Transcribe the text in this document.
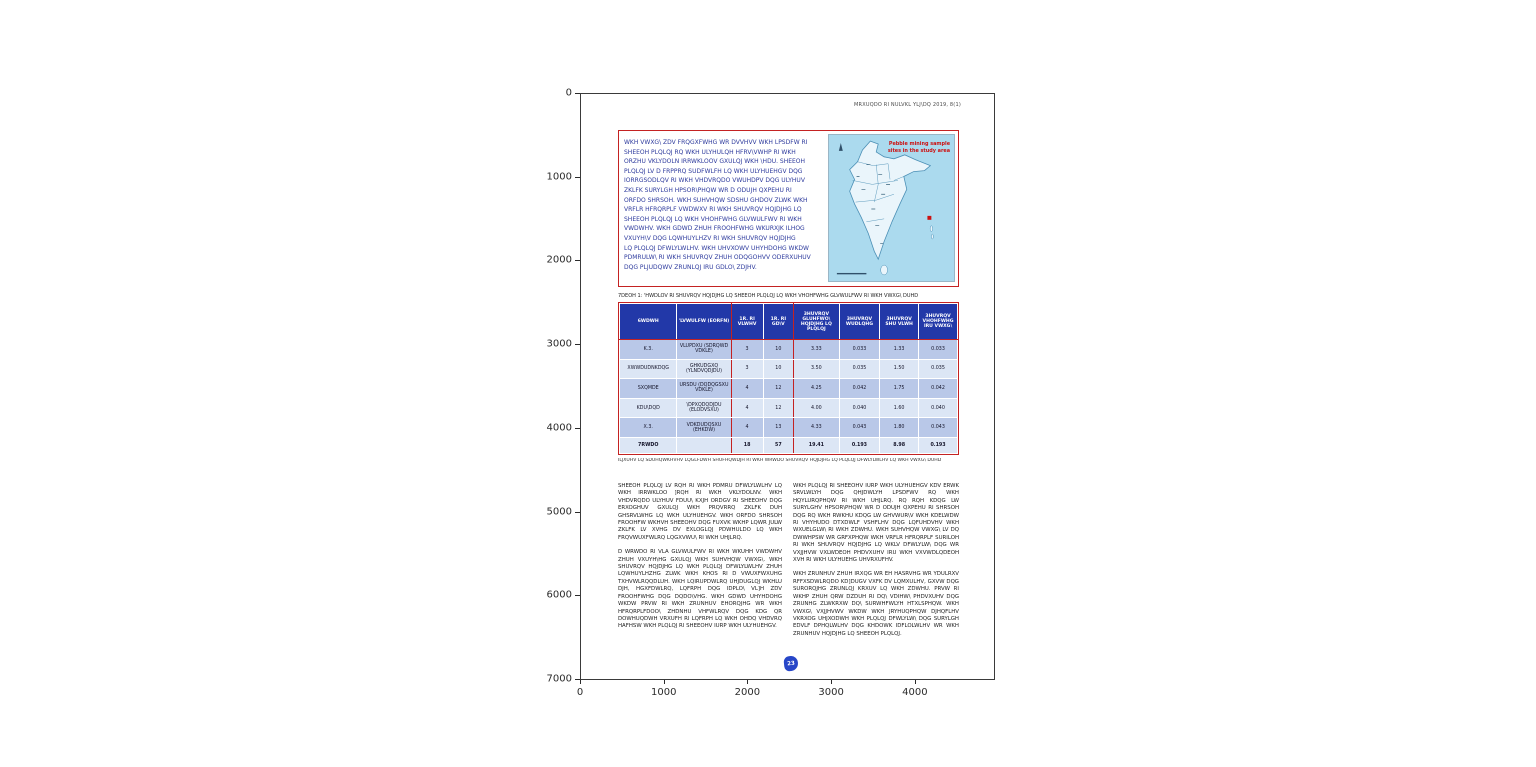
MRXUQDO RI NULVKL YLJ\DQ 2019, 8(1)
WKH VWXG\ ZDV FRQGXFWHG WR DVVHVV WKH LPSDFW RI
SHEEOH PLQLQJ RQ WKH ULYHULQH HFRV\VWHP RI WKH
ORZHU VKLYDOLN IRRWKLOOV GXULQJ WKH \HDU. SHEEOH
PLQLQJ LV D FRPPRQ SUDFWLFH LQ WKH ULYHUEHGV DQG
IORRGSODLQV RI WKH VHDVRQDO VWUHDPV DQG ULYHUV
ZKLFK SURYLGH HPSOR\PHQW WR D ODUJH QXPEHU RI
ORFDO SHRSOH. WKH SUHVHQW SDSHU GHDOV ZLWK WKH
VRFLR HFRQRPLF VWDWXV RI WKH SHUVRQV HQJDJHG LQ
SHEEOH PLQLQJ LQ WKH VHOHFWHG GLVWULFWV RI WKH
VWDWHV. WKH GDWD ZHUH FROOHFWHG WKURXJK ILHOG
VXUYH\V DQG LQWHUYLHZV RI WKH SHUVRQV HQJDJHG
LQ PLQLQJ DFWLYLWLHV. WKH UHVXOWV UHYHDOHG WKDW
PDMRULW\ RI WKH SHUVRQV ZHUH ODQGOHVV ODERXUHUV
DQG PLJUDQWV ZRUNLQJ IRU GDLO\ ZDJHV.
Pebble mining sample
sites in the study area
7DEOH 1: 'HWDLOV RI SHUVRQV HQJDJHG LQ SHEEOH PLQLQJ LQ WKH VHOHFWHG GLVWULFWV RI WKH VWXG\ DUHD
6WDWH	'LVWULFW (EORFN)	1R. RI VLWHV	1R. RI GD\V	3HUVRQV GLUHFWO\ HQJDJHG LQ PLQLQJ	3HUVRQV WUDLQHG	3HUVRQV SHU VLWH	3HUVRQV VHOHFWHG IRU VWXG\
K.3.	VLUPDXU (SDRQWD VDKLE)	3	10	3.33	0.033	1.33	0.033
XWWDUDNKDQG	GHKUDGXQ (YLNDVQDJDU)	3	10	3.50	0.035	1.50	0.035
SXQMDE	URSDU (DQDQGSXU VDKLE)	4	12	4.25	0.042	1.75	0.042
KDU\DQD	\DPXQDQDJDU (ELODVSXU)	4	12	4.00	0.040	1.60	0.040
X.3.	VDKDUDQSXU (EHKDW)	4	13	4.33	0.043	1.80	0.043
7RWDO		18	57	19.41	0.193	8.98	0.193
ILJXUHV LQ SDUHQWKHVHV LQGLFDWH SHUFHQWDJH RI WKH WRWDO SHUVRQV HQJDJHG LQ PLQLQJ DFWLYLWLHV LQ WKH VWXG\ DUHD
SHEEOH PLQLQJ LV RQH RI WKH PDMRU DFWLYLWLHV LQ WKH IRRWKLOO ]RQH RI WKH VKLYDOLNV. WKH VHDVRQDO ULYHUV FDUU\ KXJH ORDGV RI SHEEOHV DQG ERXOGHUV GXULQJ WKH PRQVRRQ ZKLFK DUH GHSRVLWHG LQ WKH ULYHUEHGV. WKH ORFDO SHRSOH FROOHFW WKHVH SHEEOHV DQG FUXVK WKHP LQWR JULW ZKLFK LV XVHG DV EXLOGLQJ PDWHULDO LQ WKH FRQVWUXFWLRQ LQGXVWU\ RI WKH UHJLRQ.
D WRWDO RI VLA GLVWULFWV RI WKH WKUHH VWDWHV ZHUH VXUYH\HG GXULQJ WKH SUHVHQW VWXG\. WKH SHUVRQV HQJDJHG LQ WKH PLQLQJ DFWLYLWLHV ZHUH LQWHUYLHZHG ZLWK WKH KHOS RI D VWUXFWXUHG TXHVWLRQQDLUH. WKH LQIRUPDWLRQ UHJDUGLQJ WKHLU DJH, HGXFDWLRQ, LQFRPH DQG IDPLO\ VL]H ZDV FROOHFWHG DQG DQDO\VHG. WKH GDWD UHYHDOHG WKDW PRVW RI WKH ZRUNHUV EHORQJHG WR WKH HFRQRPLFDOO\ ZHDNHU VHFWLRQV DQG KDG QR DOWHUQDWH VRXUFH RI LQFRPH LQ WKH OHDQ VHDVRQ HAFHSW WKH PLQLQJ RI SHEEOHV IURP WKH ULYHUEHGV.
WKH PLQLQJ RI SHEEOHV IURP WKH ULYHUEHGV KDV ERWK SRVLWLYH DQG QHJDWLYH LPSDFWV RQ WKH HQYLURQPHQW RI WKH UHJLRQ. RQ RQH KDQG LW SURYLGHV HPSOR\PHQW WR D ODUJH QXPEHU RI SHRSOH DQG RQ WKH RWKHU KDQG LW GHVWUR\V WKH KDELWDW RI VHYHUDO DTXDWLF VSHFLHV DQG LQFUHDVHV WKH WXUELGLW\ RI WKH ZDWHU. WKH SUHVHQW VWXG\ LV DQ DWWHPSW WR GRFXPHQW WKH VRFLR HFRQRPLF SURILOH RI WKH SHUVRQV HQJDJHG LQ WKLV DFWLYLW\ DQG WR VXJJHVW VXLWDEOH PHDVXUHV IRU WKH VXVWDLQDEOH XVH RI WKH ULYHUEHG UHVRXUFHV.
WKH ZRUNHUV ZHUH IRXQG WR EH HASRVHG WR YDULRXV RFFXSDWLRQDO KD]DUGV VXFK DV LQMXULHV, GXVW DQG SURORQJHG ZRUNLQJ KRXUV LQ WKH ZDWHU. PRVW RI WKHP ZHUH QRW DZDUH RI DQ\ VDIHW\ PHDVXUHV DQG ZRUNHG ZLWKRXW DQ\ SURWHFWLYH HTXLSPHQW. WKH VWXG\ VXJJHVWV WKDW WKH JRYHUQPHQW DJHQFLHV VKRXOG UHJXODWH WKH PLQLQJ DFWLYLW\ DQG SURYLGH EDVLF DPHQLWLHV DQG KHDOWK IDFLOLWLHV WR WKH ZRUNHUV HQJDJHG LQ SHEEOH PLQLQJ.
23
0	1000	2000	3000	4000
0
1000
2000
3000
4000
5000
6000
7000
